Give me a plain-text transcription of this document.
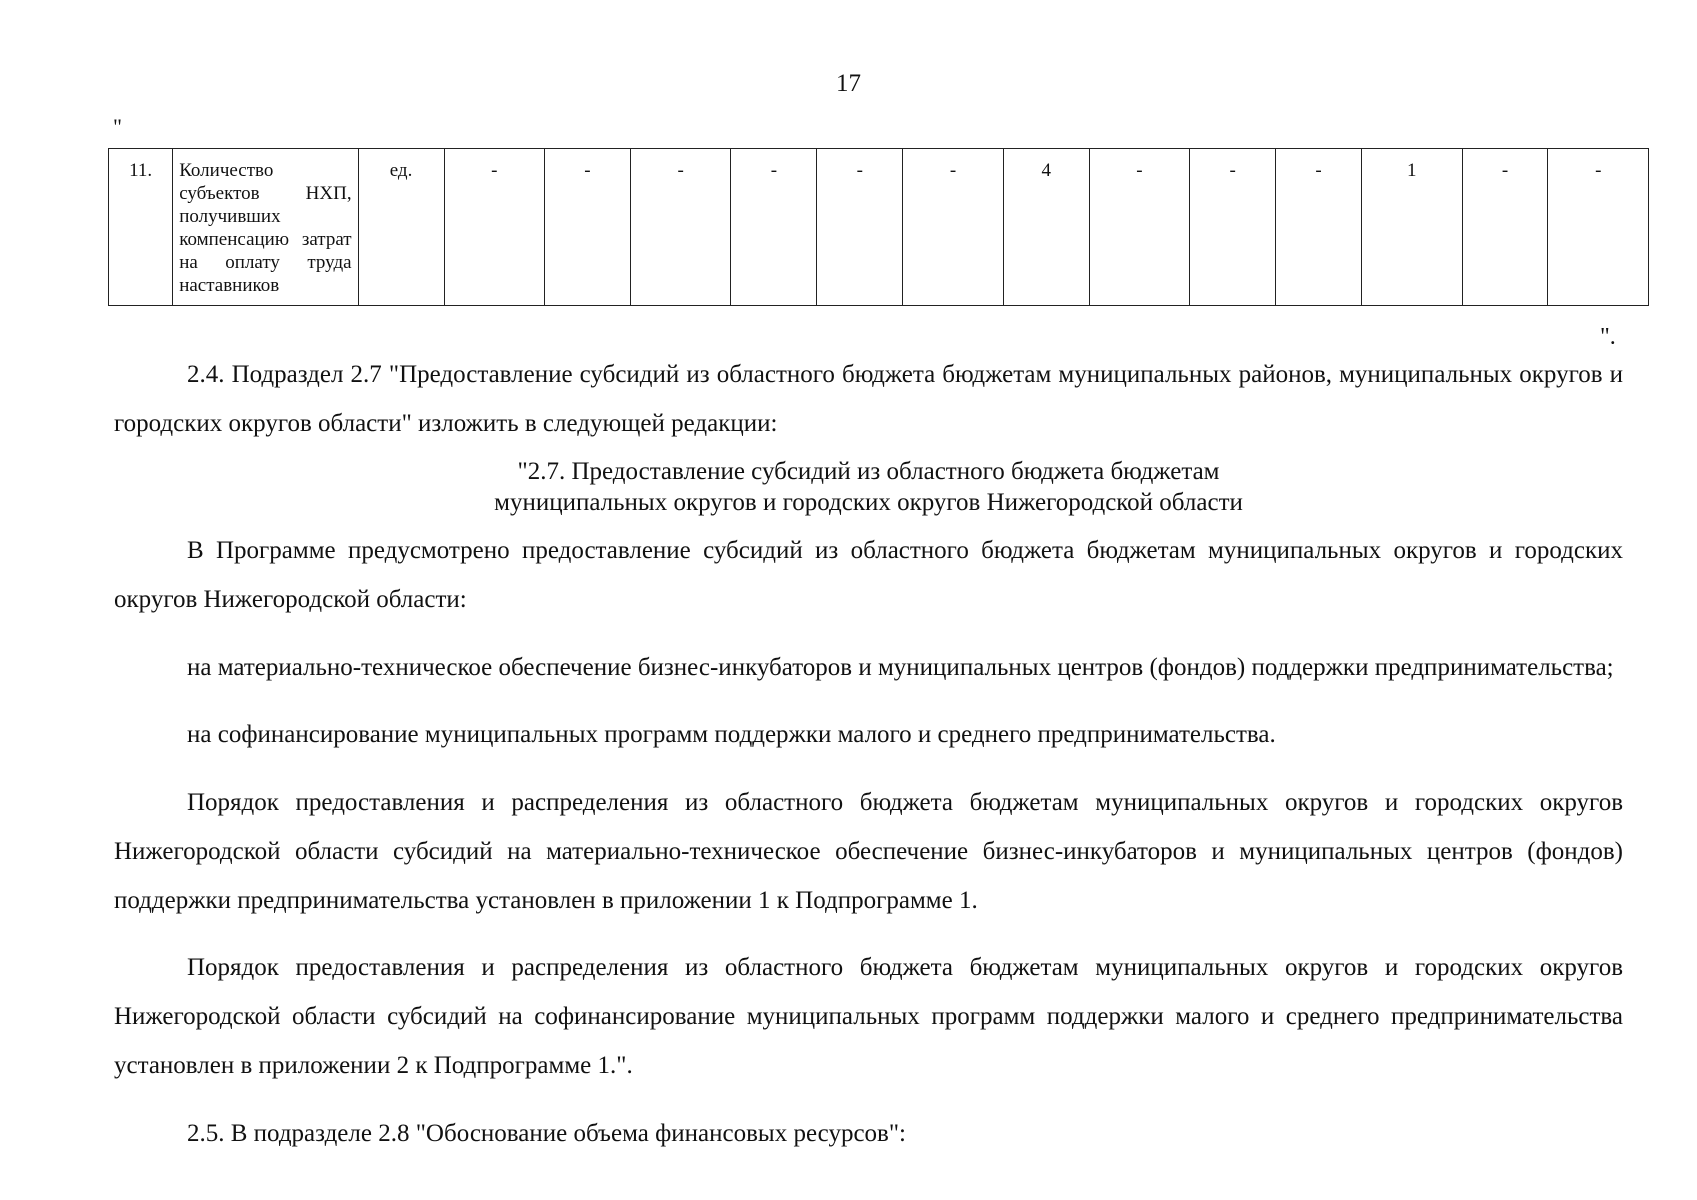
17
"
11.	Количество субъектов НХП, получивших компенсацию затрат на оплату труда наставников	ед.	-	-	-	-	-	-	4	-	-	-	1	-	-
".

2.4. Подраздел 2.7 "Предоставление субсидий из областного бюджета бюджетам муниципальных районов, муниципальных округов и городских округов области" изложить в следующей редакции:

"2.7. Предоставление субсидий из областного бюджета бюджетам
муниципальных округов и городских округов Нижегородской области

В Программе предусмотрено предоставление субсидий из областного бюджета бюджетам муниципальных округов и городских округов Нижегородской области:

на материально-техническое обеспечение бизнес-инкубаторов и муниципальных центров (фондов) поддержки предпринимательства;

на софинансирование муниципальных программ поддержки малого и среднего предпринимательства.

Порядок предоставления и распределения из областного бюджета бюджетам муниципальных округов и городских округов Нижегородской области субсидий на материально-техническое обеспечение бизнес-инкубаторов и муниципальных центров (фондов) поддержки предпринимательства установлен в приложении 1 к Подпрограмме 1.

Порядок предоставления и распределения из областного бюджета бюджетам муниципальных округов и городских округов Нижегородской области субсидий на софинансирование муниципальных программ поддержки малого и среднего предпринимательства установлен в приложении 2 к Подпрограмме 1.".

2.5. В подразделе 2.8 "Обоснование объема финансовых ресурсов":
